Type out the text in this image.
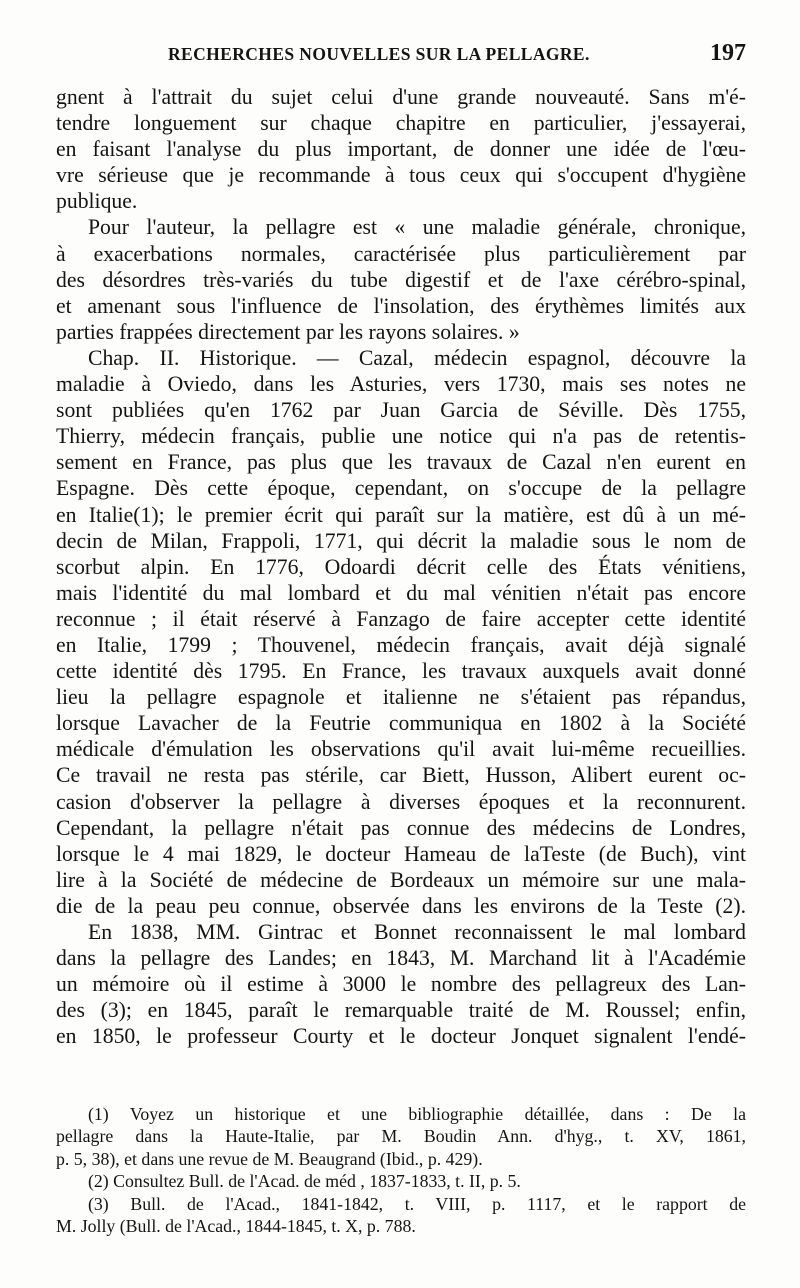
RECHERCHES NOUVELLES SUR LA PELLAGRE.	197
gnent à l'attrait du sujet celui d'une grande nouveauté. Sans m'é-
tendre longuement sur chaque chapitre en particulier, j'essayerai,
en faisant l'analyse du plus important, de donner une idée de l'œu-
vre sérieuse que je recommande à tous ceux qui s'occupent d'hygiène
publique.
Pour l'auteur, la pellagre est « une maladie générale, chronique,
à exacerbations normales, caractérisée plus particulièrement par
des désordres très-variés du tube digestif et de l'axe cérébro-spinal,
et amenant sous l'influence de l'insolation, des érythèmes limités aux
parties frappées directement par les rayons solaires. »
Chap. II. Historique. — Cazal, médecin espagnol, découvre la
maladie à Oviedo, dans les Asturies, vers 1730, mais ses notes ne
sont publiées qu'en 1762 par Juan Garcia de Séville. Dès 1755,
Thierry, médecin français, publie une notice qui n'a pas de retentis-
sement en France, pas plus que les travaux de Cazal n'en eurent en
Espagne. Dès cette époque, cependant, on s'occupe de la pellagre
en Italie(1); le premier écrit qui paraît sur la matière, est dû à un mé-
decin de Milan, Frappoli, 1771, qui décrit la maladie sous le nom de
scorbut alpin. En 1776, Odoardi décrit celle des États vénitiens,
mais l'identité du mal lombard et du mal vénitien n'était pas encore
reconnue ; il était réservé à Fanzago de faire accepter cette identité
en Italie, 1799 ; Thouvenel, médecin français, avait déjà signalé
cette identité dès 1795. En France, les travaux auxquels avait donné
lieu la pellagre espagnole et italienne ne s'étaient pas répandus,
lorsque Lavacher de la Feutrie communiqua en 1802 à la Société
médicale d'émulation les observations qu'il avait lui-même recueillies.
Ce travail ne resta pas stérile, car Biett, Husson, Alibert eurent oc-
casion d'observer la pellagre à diverses époques et la reconnurent.
Cependant, la pellagre n'était pas connue des médecins de Londres,
lorsque le 4 mai 1829, le docteur Hameau de laTeste (de Buch), vint
lire à la Société de médecine de Bordeaux un mémoire sur une mala-
die de la peau peu connue, observée dans les environs de la Teste (2).
En 1838, MM. Gintrac et Bonnet reconnaissent le mal lombard
dans la pellagre des Landes; en 1843, M. Marchand lit à l'Académie
un mémoire où il estime à 3000 le nombre des pellagreux des Lan-
des (3); en 1845, paraît le remarquable traité de M. Roussel; enfin,
en 1850, le professeur Courty et le docteur Jonquet signalent l'endé-
(1) Voyez un historique et une bibliographie détaillée, dans : De la
pellagre dans la Haute-Italie, par M. Boudin Ann. d'hyg., t. XV, 1861,
p. 5, 38), et dans une revue de M. Beaugrand (Ibid., p. 429).
(2) Consultez Bull. de l'Acad. de méd , 1837-1833, t. II, p. 5.
(3) Bull. de l'Acad., 1841-1842, t. VIII, p. 1117, et le rapport de
M. Jolly (Bull. de l'Acad., 1844-1845, t. X, p. 788.
